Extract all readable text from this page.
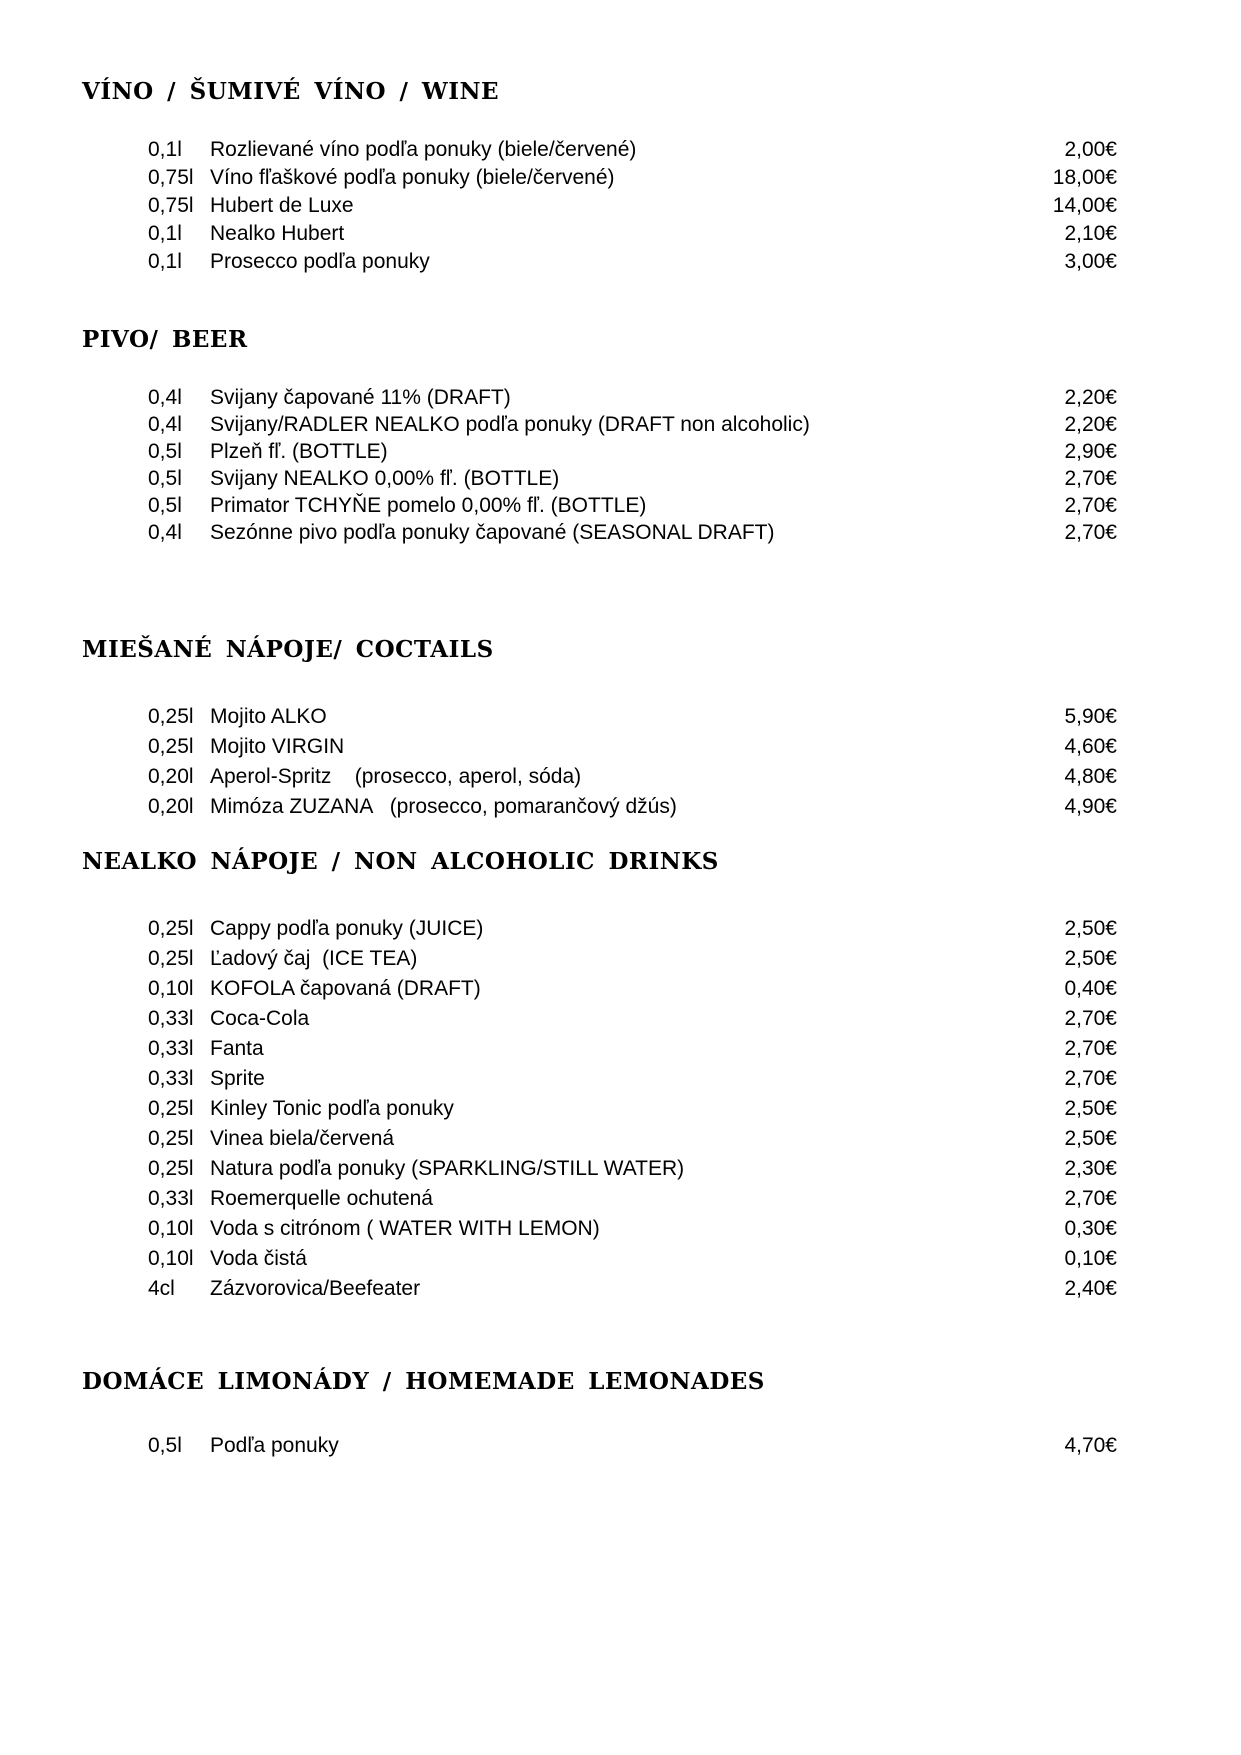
VÍNO / ŠUMIVÉ VÍNO / WINE
0,1l	Rozlievané víno podľa ponuky (biele/červené)	2,00€
0,75l Víno fľaškové podľa ponuky (biele/červené)	18,00€
0,75l Hubert de Luxe	14,00€
0,1l	Nealko Hubert	2,10€
0,1l	Prosecco podľa ponuky	3,00€
PIVO/ BEER
0,4l	Svijany čapované 11% (DRAFT)	2,20€
0,4l	Svijany/RADLER NEALKO podľa ponuky (DRAFT non alcoholic)	2,20€
0,5l	Plzeň fľ. (BOTTLE)	2,90€
0,5l	Svijany NEALKO 0,00% fľ. (BOTTLE)	2,70€
0,5l	Primator TCHYŇE pomelo 0,00% fľ. (BOTTLE)	2,70€
0,4l	Sezónne pivo podľa ponuky čapované (SEASONAL DRAFT)	2,70€
MIEŠANÉ NÁPOJE/ COCTAILS
0,25l Mojito ALKO	5,90€
0,25l Mojito VIRGIN	4,60€
0,20l Aperol-Spritz    (prosecco, aperol, sóda)	4,80€
0,20l Mimóza ZUZANA   (prosecco, pomarančový džús)	4,90€
NEALKO NÁPOJE / NON ALCOHOLIC DRINKS
0,25l Cappy podľa ponuky (JUICE)	2,50€
0,25l Ľadový čaj  (ICE TEA)	2,50€
0,10l KOFOLA čapovaná (DRAFT)	0,40€
0,33l Coca-Cola	2,70€
0,33l Fanta	2,70€
0,33l Sprite	2,70€
0,25l Kinley Tonic podľa ponuky	2,50€
0,25l Vinea biela/červená	2,50€
0,25l Natura podľa ponuky (SPARKLING/STILL WATER)	2,30€
0,33l Roemerquelle ochutená	2,70€
0,10l Voda s citrónom ( WATER WITH LEMON)	0,30€
0,10l Voda čistá	0,10€
4cl	Zázvorovica/Beefeater	2,40€
DOMÁCE LIMONÁDY / HOMEMADE LEMONADES
0,5l	Podľa ponuky	4,70€
